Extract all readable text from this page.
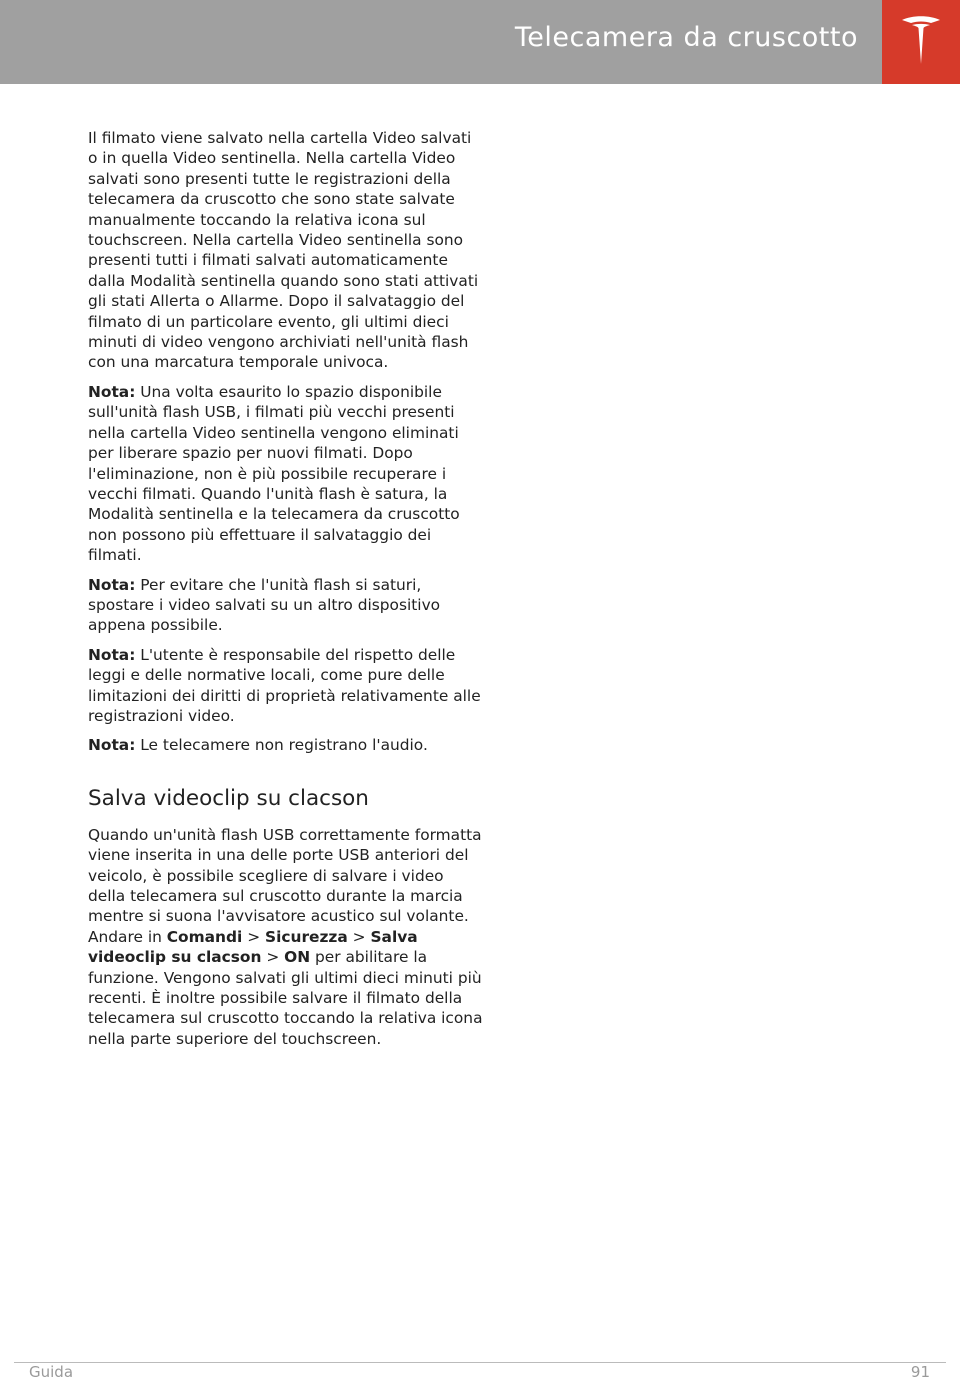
Telecamera da cruscotto

Il filmato viene salvato nella cartella Video salvati o in quella Video sentinella. Nella cartella Video salvati sono presenti tutte le registrazioni della telecamera da cruscotto che sono state salvate manualmente toccando la relativa icona sul touchscreen. Nella cartella Video sentinella sono presenti tutti i filmati salvati automaticamente dalla Modalità sentinella quando sono stati attivati gli stati Allerta o Allarme. Dopo il salvataggio del filmato di un particolare evento, gli ultimi dieci minuti di video vengono archiviati nell'unità flash con una marcatura temporale univoca.

Nota: Una volta esaurito lo spazio disponibile sull'unità flash USB, i filmati più vecchi presenti nella cartella Video sentinella vengono eliminati per liberare spazio per nuovi filmati. Dopo l'eliminazione, non è più possibile recuperare i vecchi filmati. Quando l'unità flash è satura, la Modalità sentinella e la telecamera da cruscotto non possono più effettuare il salvataggio dei filmati.

Nota: Per evitare che l'unità flash si saturi, spostare i video salvati su un altro dispositivo appena possibile.

Nota: L'utente è responsabile del rispetto delle leggi e delle normative locali, come pure delle limitazioni dei diritti di proprietà relativamente alle registrazioni video.

Nota: Le telecamere non registrano l'audio.

Salva videoclip su clacson

Quando un'unità flash USB correttamente formatta viene inserita in una delle porte USB anteriori del veicolo, è possibile scegliere di salvare i video della telecamera sul cruscotto durante la marcia mentre si suona l'avvisatore acustico sul volante. Andare in Comandi > Sicurezza > Salva videoclip su clacson > ON per abilitare la funzione. Vengono salvati gli ultimi dieci minuti più recenti. È inoltre possibile salvare il filmato della telecamera sul cruscotto toccando la relativa icona nella parte superiore del touchscreen.

Guida	91
